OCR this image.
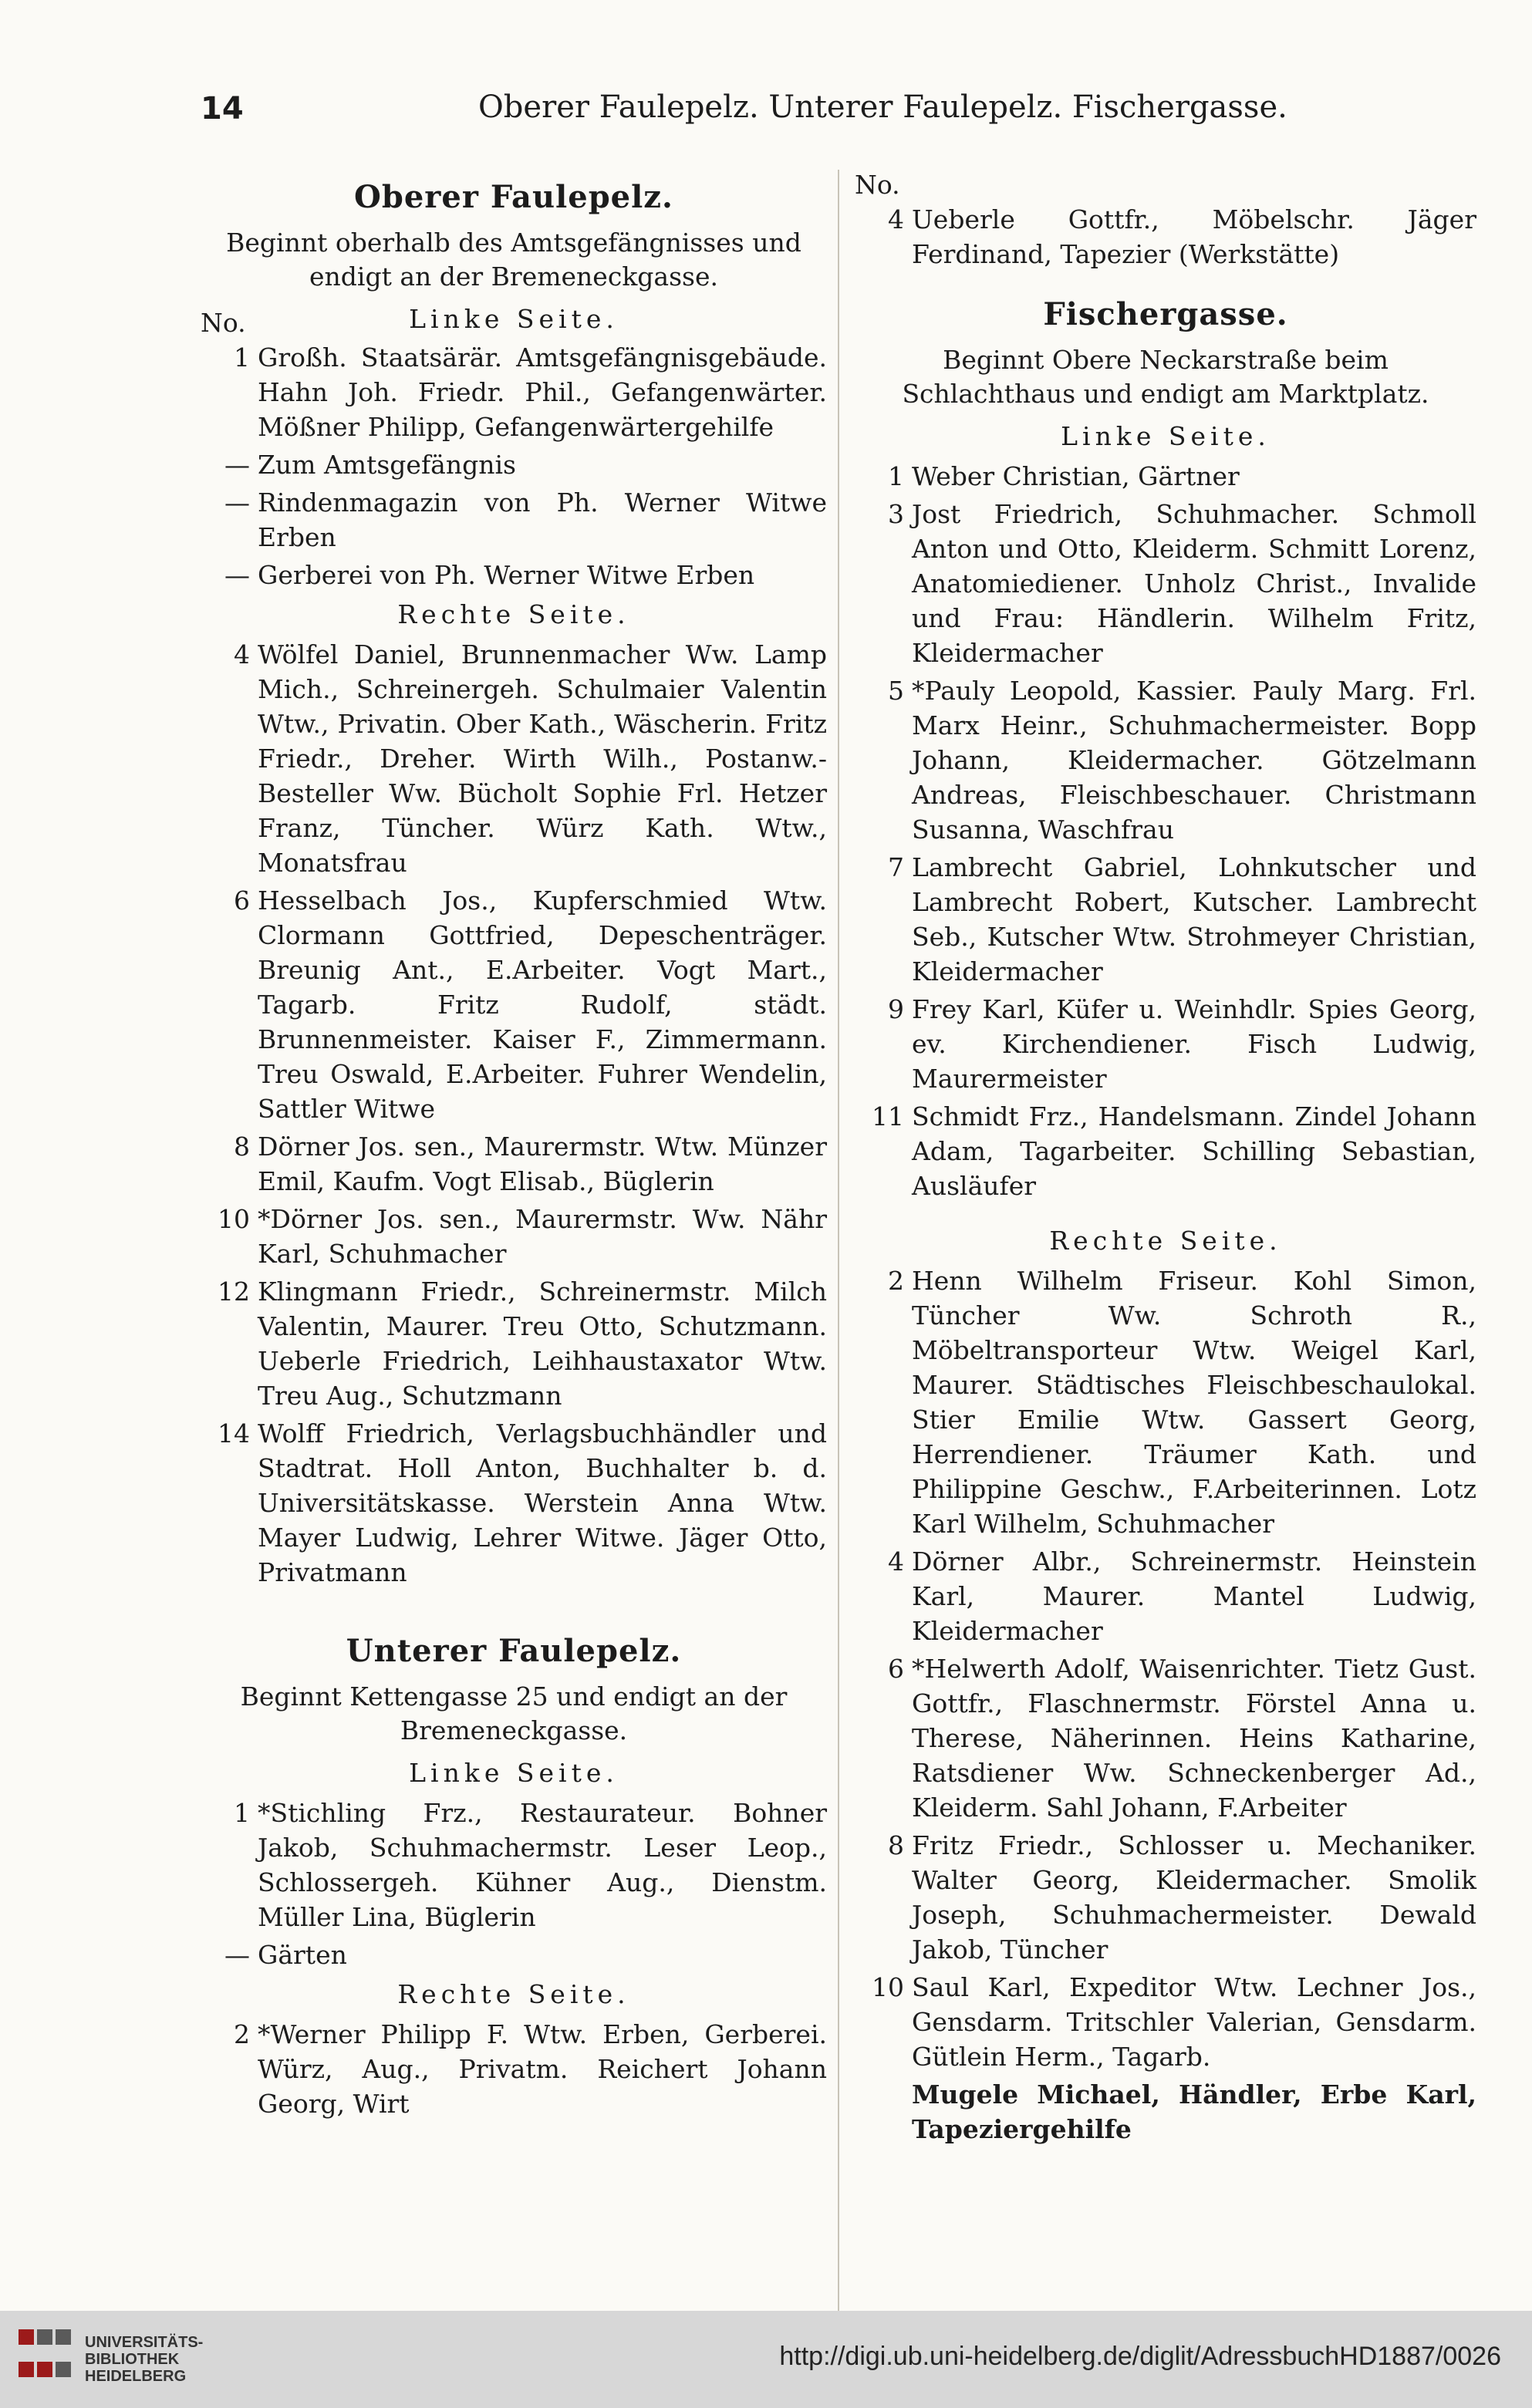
14	Oberer Faulepelz. Unterer Faulepelz. Fischergasse.
Oberer Faulepelz.
Beginnt oberhalb des Amtsgefängnisses und endigt an der Bremeneckgasse.
No.	Linke Seite.
1 Großh. Staatsärär. Amtsgefängnisgebäude. Hahn Joh. Friedr. Phil., Gefangenwärter. Mößner Philipp, Gefangenwärtergehilfe
— Zum Amtsgefängnis
— Rindenmagazin von Ph. Werner Witwe Erben
— Gerberei von Ph. Werner Witwe Erben
Rechte Seite.
4 Wölfel Daniel, Brunnenmacher Ww. Lamp Mich., Schreinergeh. Schulmaier Valentin Wtw., Privatin. Ober Kath., Wäscherin. Fritz Friedr., Dreher. Wirth Wilh., Postanw.-Besteller Ww. Bücholt Sophie Frl. Hetzer Franz, Tüncher. Würz Kath. Wtw., Monatsfrau
6 Hesselbach Jos., Kupferschmied Wtw. Clormann Gottfried, Depeschenträger. Breunig Ant., E.Arbeiter. Vogt Mart., Tagarb. Fritz Rudolf, städt. Brunnenmeister. Kaiser F., Zimmermann. Treu Oswald, E.Arbeiter. Fuhrer Wendelin, Sattler Witwe
8 Dörner Jos. sen., Maurermstr. Wtw. Münzer Emil, Kaufm. Vogt Elisab., Büglerin
10 *Dörner Jos. sen., Maurermstr. Ww. Nähr Karl, Schuhmacher
12 Klingmann Friedr., Schreinermstr. Milch Valentin, Maurer. Treu Otto, Schutzmann. Ueberle Friedrich, Leihhaustaxator Wtw. Treu Aug., Schutzmann
14 Wolff Friedrich, Verlagsbuchhändler und Stadtrat. Holl Anton, Buchhalter b. d. Universitätskasse. Werstein Anna Wtw. Mayer Ludwig, Lehrer Witwe. Jäger Otto, Privatmann
Unterer Faulepelz.
Beginnt Kettengasse 25 und endigt an der Bremeneckgasse.
Linke Seite.
1 *Stichling Frz., Restaurateur. Bohner Jakob, Schuhmachermstr. Leser Leop., Schlossergeh. Kühner Aug., Dienstm. Müller Lina, Büglerin
— Gärten
Rechte Seite.
2 *Werner Philipp F. Wtw. Erben, Gerberei. Würz, Aug., Privatm. Reichert Johann Georg, Wirt
No.
4 Ueberle Gottfr., Möbelschr. Jäger Ferdinand, Tapezier (Werkstätte)
Fischergasse.
Beginnt Obere Neckarstraße beim Schlachthaus und endigt am Marktplatz.
Linke Seite.
1 Weber Christian, Gärtner
3 Jost Friedrich, Schuhmacher. Schmoll Anton und Otto, Kleiderm. Schmitt Lorenz, Anatomiediener. Unholz Christ., Invalide und Frau: Händlerin. Wilhelm Fritz, Kleidermacher
5 *Pauly Leopold, Kassier. Pauly Marg. Frl. Marx Heinr., Schuhmachermeister. Bopp Johann, Kleidermacher. Götzelmann Andreas, Fleischbeschauer. Christmann Susanna, Waschfrau
7 Lambrecht Gabriel, Lohnkutscher und Lambrecht Robert, Kutscher. Lambrecht Seb., Kutscher Wtw. Strohmeyer Christian, Kleidermacher
9 Frey Karl, Küfer u. Weinhdlr. Spies Georg, ev. Kirchendiener. Fisch Ludwig, Maurermeister
11 Schmidt Frz., Handelsmann. Zindel Johann Adam, Tagarbeiter. Schilling Sebastian, Ausläufer
Rechte Seite.
2 Henn Wilhelm Friseur. Kohl Simon, Tüncher Ww. Schroth R., Möbeltransporteur Wtw. Weigel Karl, Maurer. Städtisches Fleischbeschaulokal. Stier Emilie Wtw. Gassert Georg, Herrendiener. Träumer Kath. und Philippine Geschw., F.Arbeiterinnen. Lotz Karl Wilhelm, Schuhmacher
4 Dörner Albr., Schreinermstr. Heinstein Karl, Maurer. Mantel Ludwig, Kleidermacher
6 *Helwerth Adolf, Waisenrichter. Tietz Gust. Gottfr., Flaschnermstr. Förstel Anna u. Therese, Näherinnen. Heins Katharine, Ratsdiener Ww. Schneckenberger Ad., Kleiderm. Sahl Johann, F.Arbeiter
8 Fritz Friedr., Schlosser u. Mechaniker. Walter Georg, Kleidermacher. Smolik Joseph, Schuhmachermeister. Dewald Jakob, Tüncher
10 Saul Karl, Expeditor Wtw. Lechner Jos., Gensdarm. Tritschler Valerian, Gensdarm. Gütlein Herm., Tagarb.
Mugele Michael, Händler, Erbe Karl, Tapeziergehilfe
UNIVERSITÄTS-
BIBLIOTHEK
HEIDELBERG
http://digi.ub.uni-heidelberg.de/diglit/AdressbuchHD1887/0026
